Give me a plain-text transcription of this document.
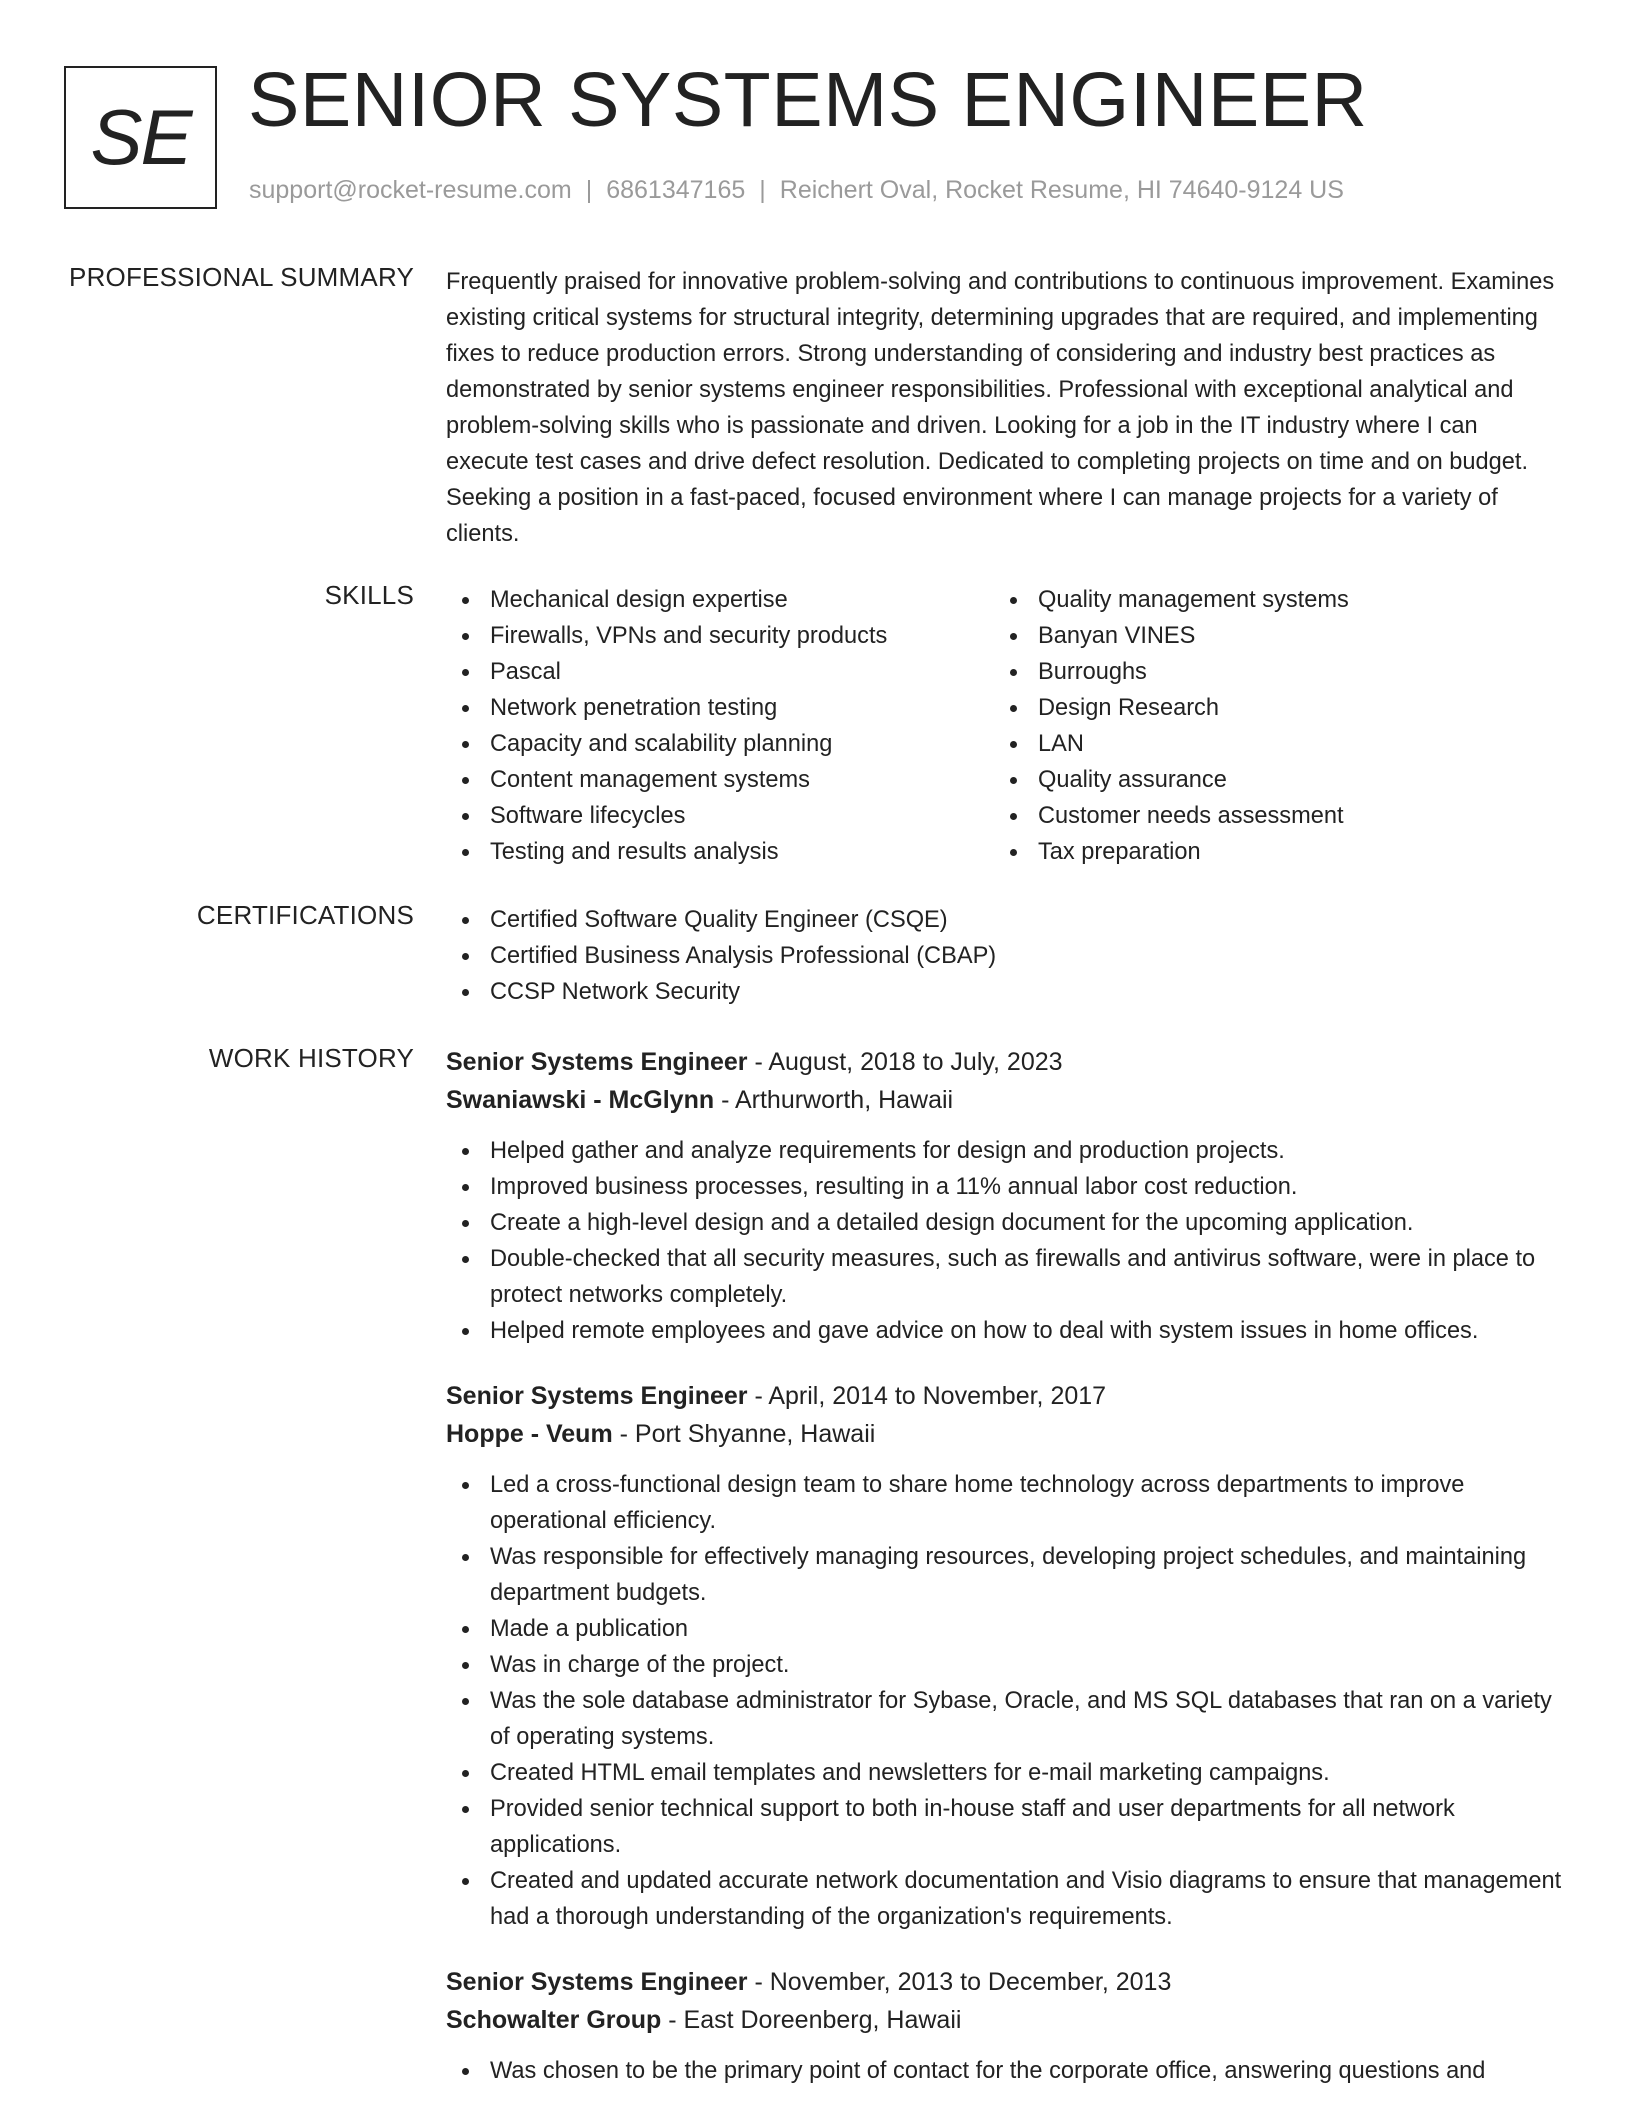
SE SENIOR SYSTEMS ENGINEER
support@rocket-resume.com | 6861347165 | Reichert Oval, Rocket Resume, HI 74640-9124 US
PROFESSIONAL SUMMARY Frequently praised for innovative problem-solving and contributions to continuous improvement. Examines existing critical systems for structural integrity, determining upgrades that are required, and implementing fixes to reduce production errors. Strong understanding of considering and industry best practices as demonstrated by senior systems engineer responsibilities. Professional with exceptional analytical and problem-solving skills who is passionate and driven. Looking for a job in the IT industry where I can execute test cases and drive defect resolution. Dedicated to completing projects on time and on budget. Seeking a position in a fast-paced, focused environment where I can manage projects for a variety of clients.
SKILLS	Mechanical design expertise
Firewalls, VPNs and security products
Pascal
Network penetration testing
Capacity and scalability planning
Content management systems
Software lifecycles
Testing and results analysis
Quality management systems
Banyan VINES
Burroughs
Design Research
LAN
Quality assurance
Customer needs assessment
Tax preparation
CERTIFICATIONS	Certified Software Quality Engineer (CSQE)
Certified Business Analysis Professional (CBAP)
CCSP Network Security
WORK HISTORY Senior Systems Engineer - August, 2018 to July, 2023
Swaniawski - McGlynn - Arthurworth, Hawaii
Helped gather and analyze requirements for design and production projects.
Improved business processes, resulting in a 11% annual labor cost reduction.
Create a high-level design and a detailed design document for the upcoming application.
Double-checked that all security measures, such as firewalls and antivirus software, were in place to protect networks completely.
Helped remote employees and gave advice on how to deal with system issues in home offices.
Senior Systems Engineer - April, 2014 to November, 2017
Hoppe - Veum - Port Shyanne, Hawaii
Led a cross-functional design team to share home technology across departments to improve operational efficiency.
Was responsible for effectively managing resources, developing project schedules, and maintaining department budgets.
Made a publication
Was in charge of the project.
Was the sole database administrator for Sybase, Oracle, and MS SQL databases that ran on a variety of operating systems.
Created HTML email templates and newsletters for e-mail marketing campaigns.
Provided senior technical support to both in-house staff and user departments for all network applications.
Created and updated accurate network documentation and Visio diagrams to ensure that management had a thorough understanding of the organization's requirements.
Senior Systems Engineer - November, 2013 to December, 2013
Schowalter Group - East Doreenberg, Hawaii
Was chosen to be the primary point of contact for the corporate office, answering questions and
